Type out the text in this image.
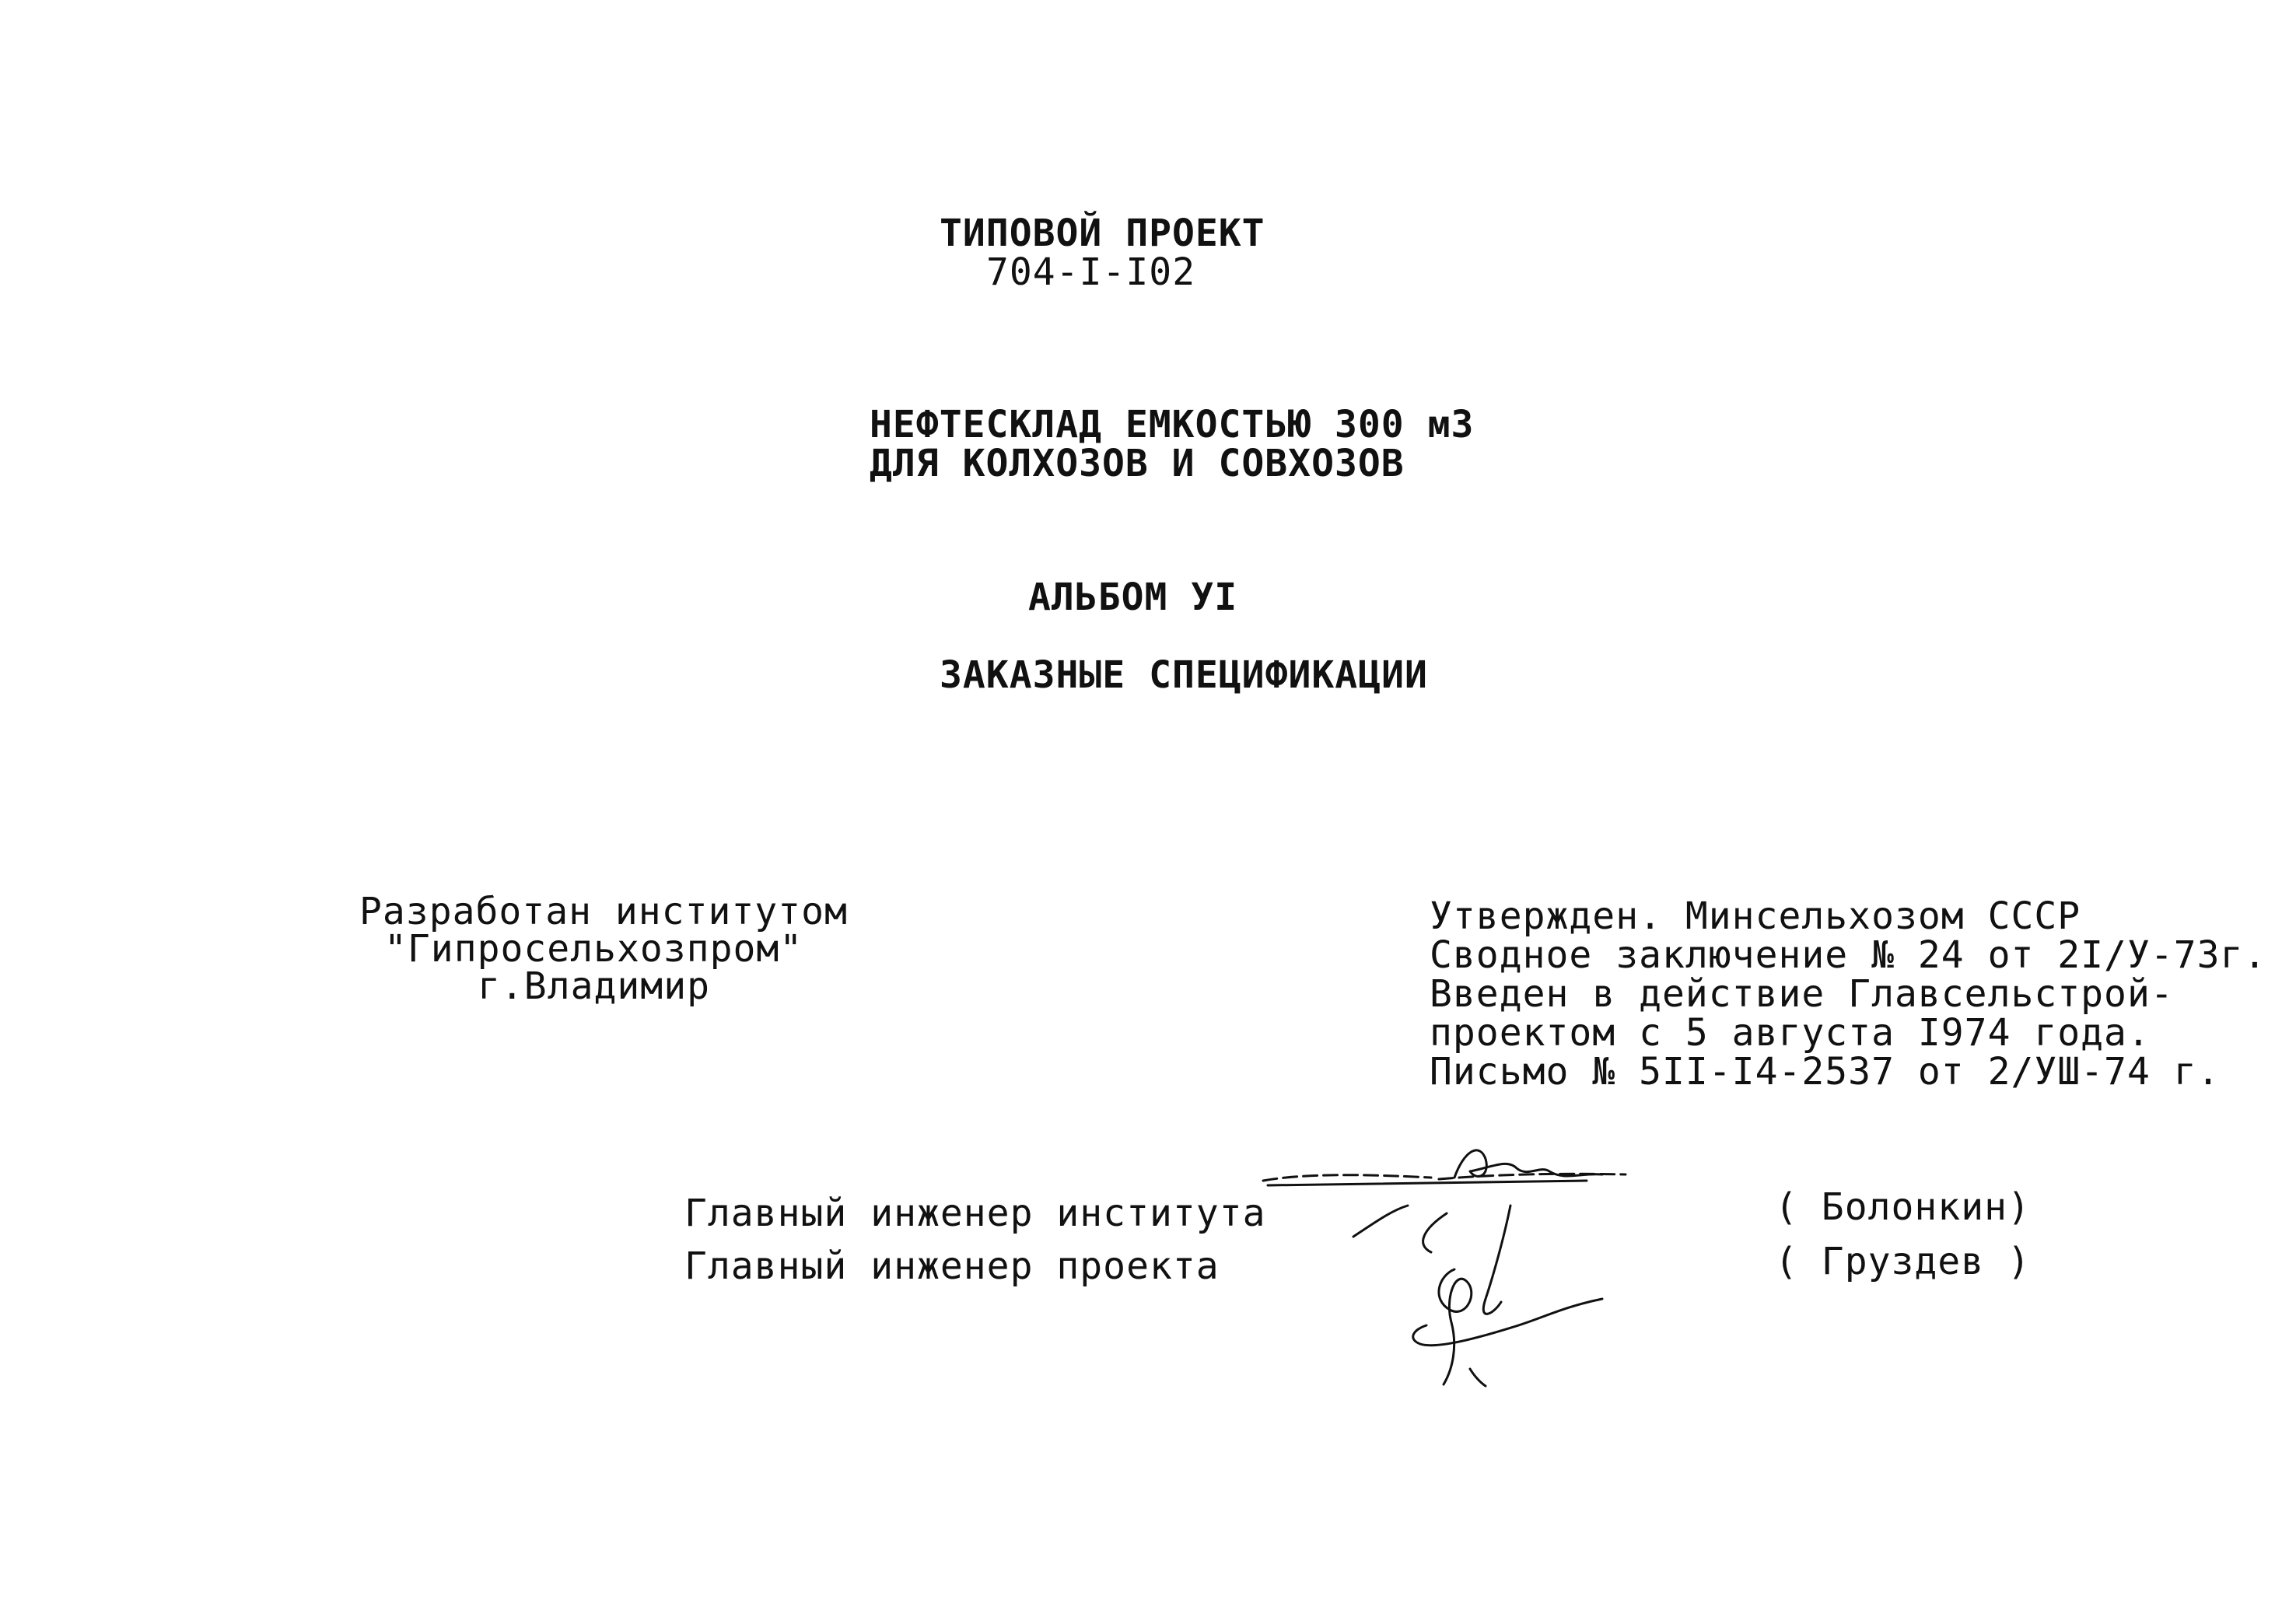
ТИПОВОЙ ПРОЕКТ
704-I-I02
НЕФТЕСКЛАД ЕМКОСТЬЮ 300 м3
ДЛЯ КОЛХОЗОВ И СОВХОЗОВ
АЛЬБОМ УI
ЗАКАЗНЫЕ СПЕЦИФИКАЦИИ
Разработан институтом
"Гипросельхозпром"
г.Владимир
Утвержден. Минсельхозом СССР
Сводное заключение № 24 от 2I/У-73г.
Введен в действие Главсельстрой-
проектом с 5 августа I974 года.
Письмо № 5II-I4-2537 от 2/УШ-74 г.
Главный инженер института	( Болонкин)
Главный инженер проекта	( Груздев )
